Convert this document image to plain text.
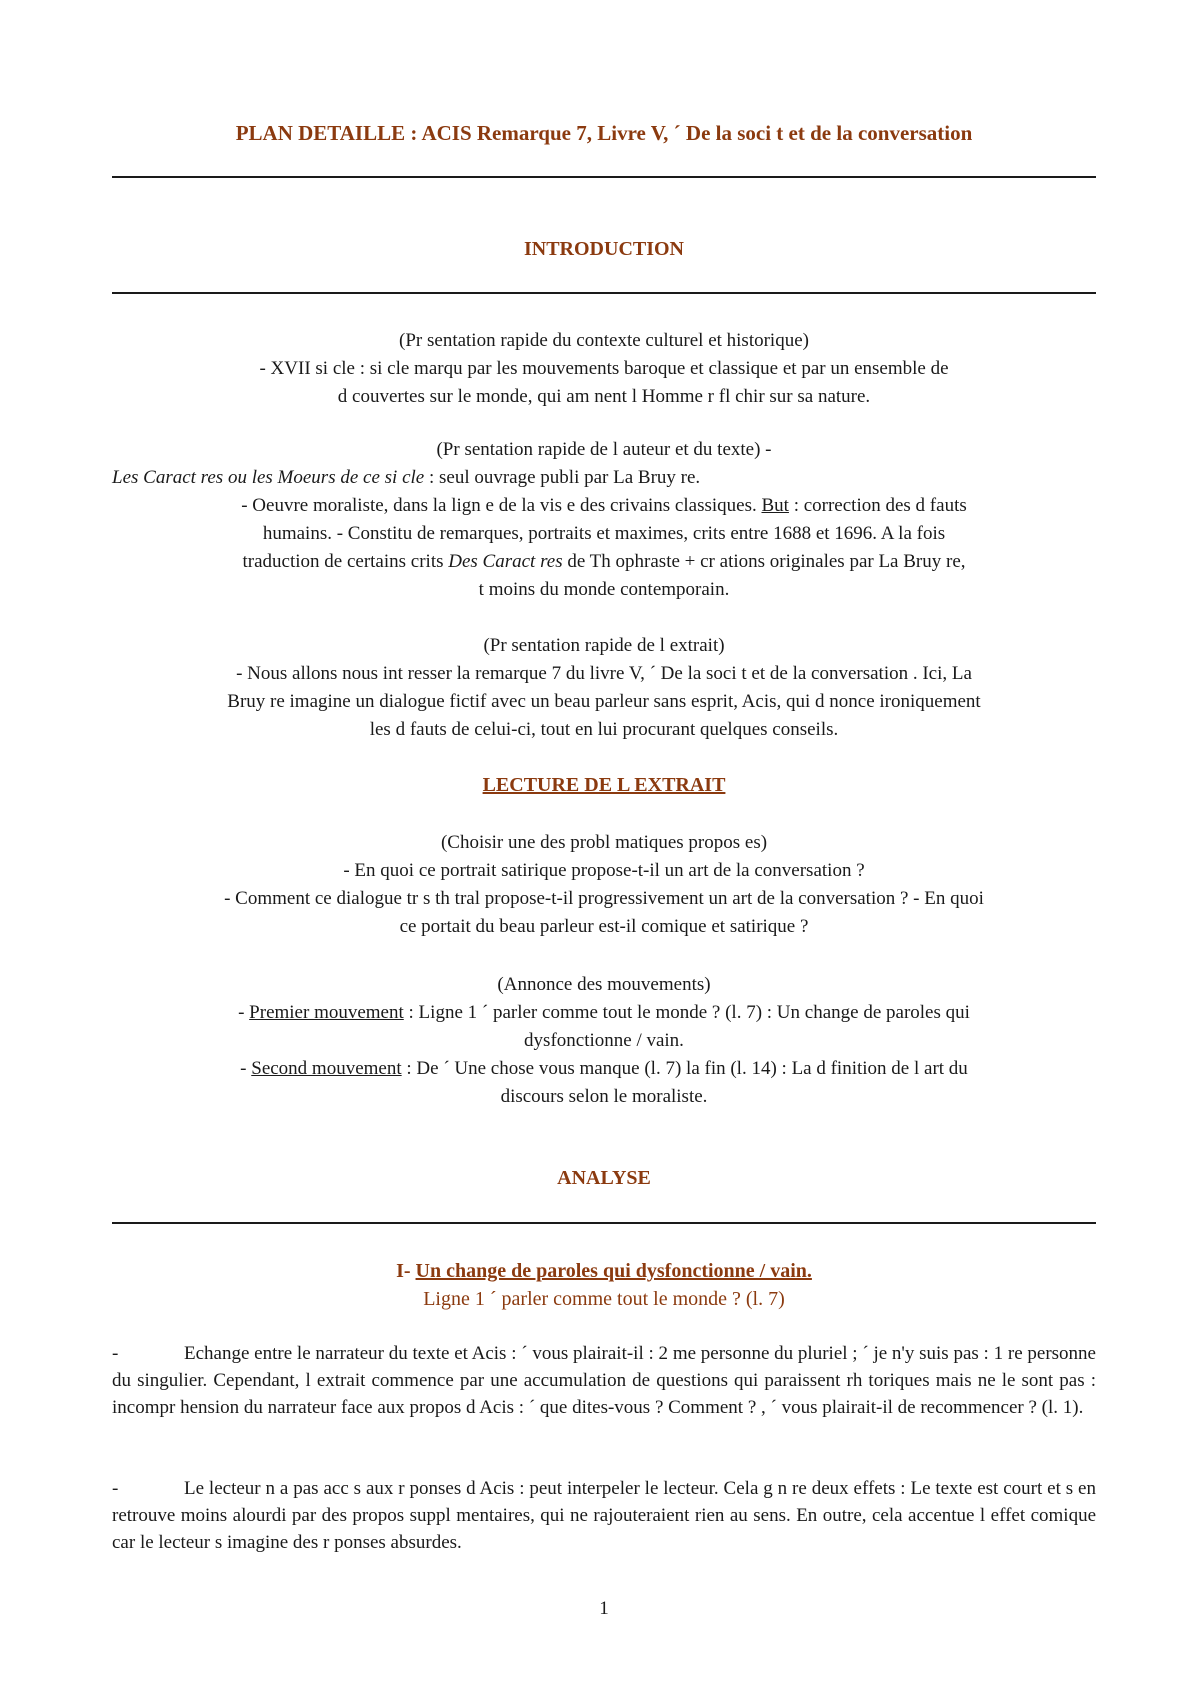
PLAN DETAILLE : ACIS Remarque 7, Livre V, ´ De la soci t et de la conversation
INTRODUCTION

(Pr sentation rapide du contexte culturel et historique)

- XVII si cle : si cle marqu par les mouvements baroque et classique et par un ensemble de

d couvertes sur le monde, qui am nent l Homme r fl chir sur sa nature.

(Pr sentation rapide de l auteur et du texte) -

Les Caract res ou les Moeurs de ce si cle : seul ouvrage publi par La Bruy re.

- Oeuvre moraliste, dans la lign e de la vis e des crivains classiques. But : correction des d fauts

humains. - Constitu de remarques, portraits et maximes, crits entre 1688 et 1696. A la fois

traduction de certains crits Des Caract res de Th ophraste + cr ations originales par La Bruy re,

t moins du monde contemporain.

(Pr sentation rapide de l extrait)

- Nous allons nous int resser la remarque 7 du livre V, ´ De la soci t et de la conversation . Ici, La

Bruy re imagine un dialogue fictif avec un beau parleur sans esprit, Acis, qui d nonce ironiquement

les d fauts de celui-ci, tout en lui procurant quelques conseils.

LECTURE DE L EXTRAIT

(Choisir une des probl matiques propos es)

- En quoi ce portrait satirique propose-t-il un art de la conversation ?

- Comment ce dialogue tr s th tral propose-t-il progressivement un art de la conversation ? - En quoi

ce portait du beau parleur est-il comique et satirique ?

(Annonce des mouvements)

- Premier mouvement : Ligne 1 ´ parler comme tout le monde ? (l. 7) : Un change de paroles qui

dysfonctionne / vain.

- Second mouvement : De ´ Une chose vous manque (l. 7) la fin (l. 14) : La d finition de l art du

discours selon le moraliste.

ANALYSE
I- Un change de paroles qui dysfonctionne / vain.
Ligne 1 ´ parler comme tout le monde ? (l. 7)
-	Echange entre le narrateur du texte et Acis : ´ vous plairait-il : 2 me personne du pluriel ; ´ je n'y suis pas : 1 re personne du singulier. Cependant, l extrait commence par une accumulation de questions qui paraissent rh toriques mais ne le sont pas : incompr hension du narrateur face aux propos d Acis : ´ que dites-vous ? Comment ? , ´ vous plairait-il de recommencer ? (l. 1).
-	Le lecteur n a pas acc s aux r ponses d Acis : peut interpeler le lecteur. Cela g n re deux effets : Le texte est court et s en retrouve moins alourdi par des propos suppl mentaires, qui ne rajouteraient rien au sens. En outre, cela accentue l effet comique car le lecteur s imagine des r ponses absurdes.
1
